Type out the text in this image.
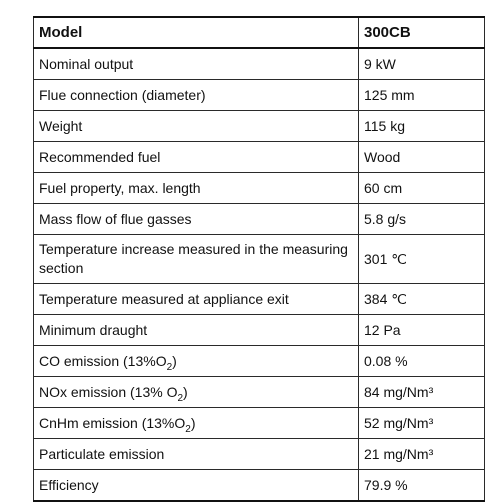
Model	300CB
Nominal output	9 kW
Flue connection (diameter)	125 mm
Weight	115 kg
Recommended fuel	Wood
Fuel property, max. length	60 cm
Mass flow of flue gasses	5.8 g/s
Temperature increase measured in the measuring section	301 ℃
Temperature measured at appliance exit	384 ℃
Minimum draught	12 Pa
CO emission $(13\%O_2)$	0.08 %
NOx emission (13% $O_2$)	84 mg/Nm³
CnHm emission $(13\%O_2)$	52 mg/Nm³
Particulate emission	21 mg/Nm³
Efficiency	79.9 %
